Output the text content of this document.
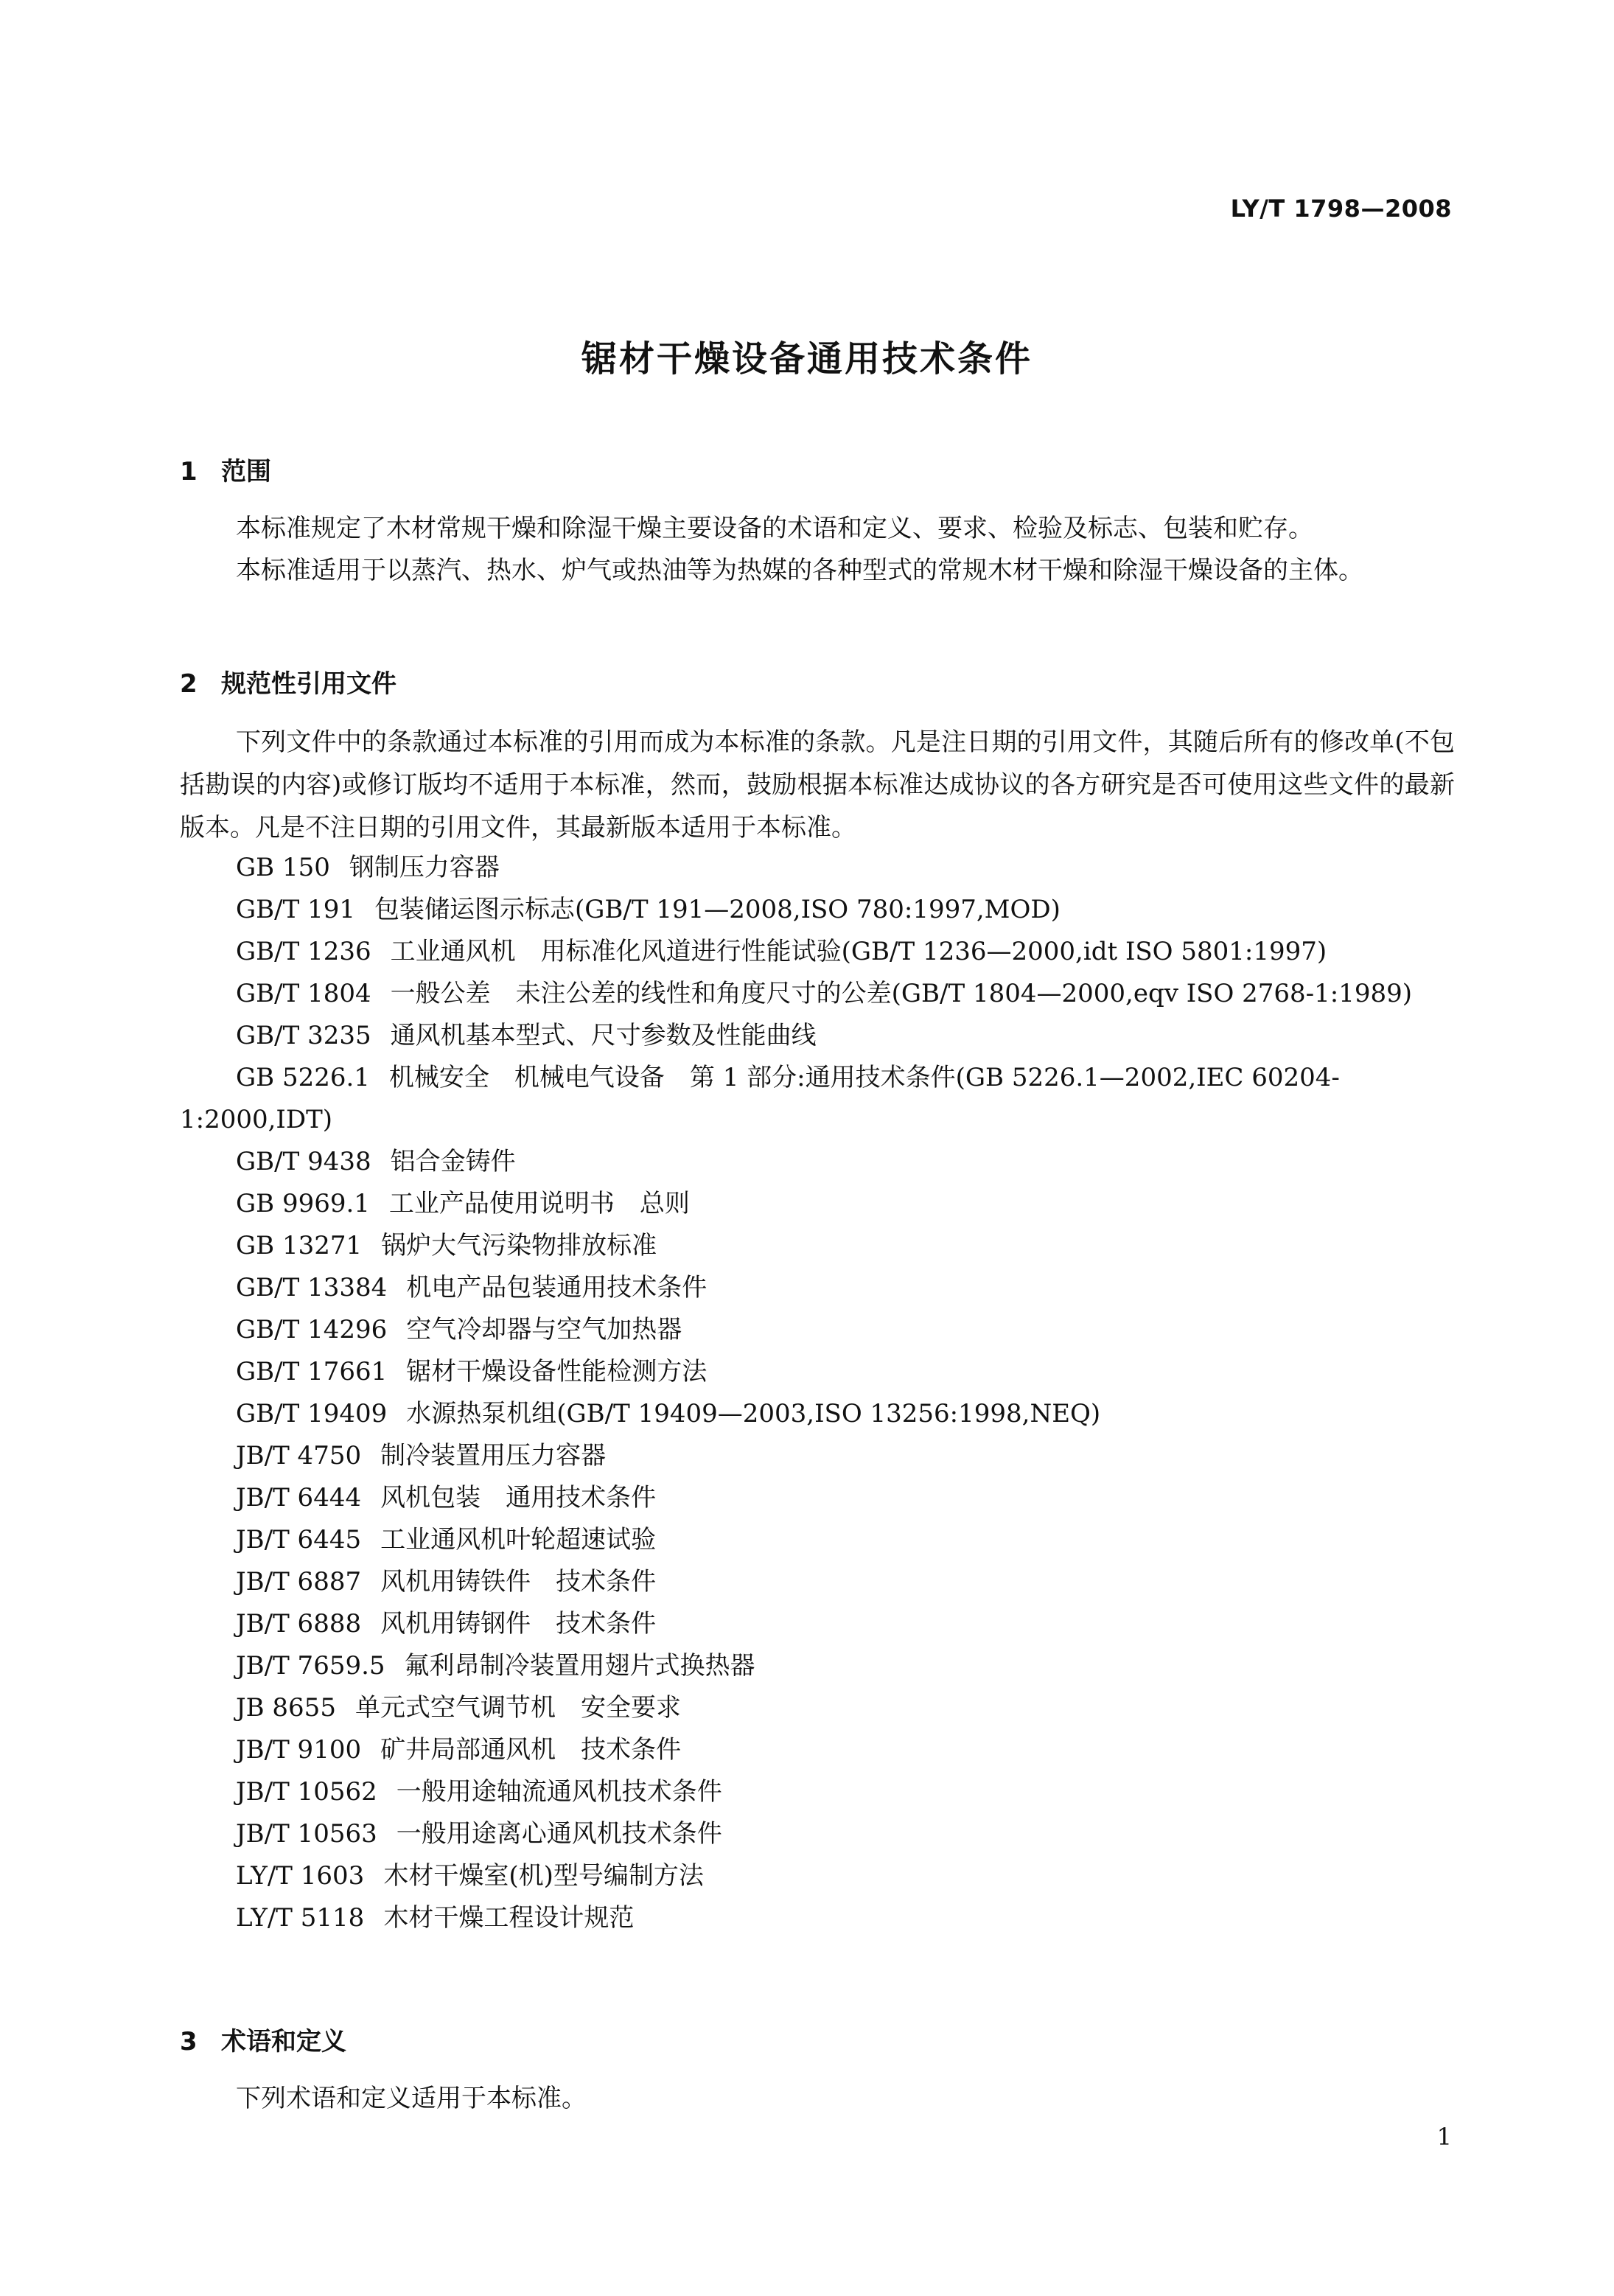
LY/T 1798—2008
锯材干燥设备通用技术条件
1 范围
本标准规定了木材常规干燥和除湿干燥主要设备的术语和定义、要求、检验及标志、包装和贮存。
本标准适用于以蒸汽、热水、炉气或热油等为热媒的各种型式的常规木材干燥和除湿干燥设备的主体。
2 规范性引用文件
下列文件中的条款通过本标准的引用而成为本标准的条款。凡是注日期的引用文件，其随后所有的修改单(不包括勘误的内容)或修订版均不适用于本标准，然而，鼓励根据本标准达成协议的各方研究是否可使用这些文件的最新版本。凡是不注日期的引用文件，其最新版本适用于本标准。
GB 150 钢制压力容器
GB/T 191 包装储运图示标志(GB/T 191—2008,ISO 780:1997,MOD)
GB/T 1236 工业通风机　用标准化风道进行性能试验(GB/T 1236—2000,idt ISO 5801:1997)
GB/T 1804 一般公差　未注公差的线性和角度尺寸的公差(GB/T 1804—2000,eqv ISO 2768-1:1989)
GB/T 3235 通风机基本型式、尺寸参数及性能曲线
GB 5226.1 机械安全　机械电气设备　第 1 部分:通用技术条件(GB 5226.1—2002,IEC 60204-1:2000,IDT)
GB/T 9438 铝合金铸件
GB 9969.1 工业产品使用说明书　总则
GB 13271 锅炉大气污染物排放标准
GB/T 13384 机电产品包装通用技术条件
GB/T 14296 空气冷却器与空气加热器
GB/T 17661 锯材干燥设备性能检测方法
GB/T 19409 水源热泵机组(GB/T 19409—2003,ISO 13256:1998,NEQ)
JB/T 4750 制冷装置用压力容器
JB/T 6444 风机包装　通用技术条件
JB/T 6445 工业通风机叶轮超速试验
JB/T 6887 风机用铸铁件　技术条件
JB/T 6888 风机用铸钢件　技术条件
JB/T 7659.5 氟利昂制冷装置用翅片式换热器
JB 8655 单元式空气调节机　安全要求
JB/T 9100 矿井局部通风机　技术条件
JB/T 10562 一般用途轴流通风机技术条件
JB/T 10563 一般用途离心通风机技术条件
LY/T 1603 木材干燥室(机)型号编制方法
LY/T 5118 木材干燥工程设计规范
3 术语和定义
下列术语和定义适用于本标准。
1
